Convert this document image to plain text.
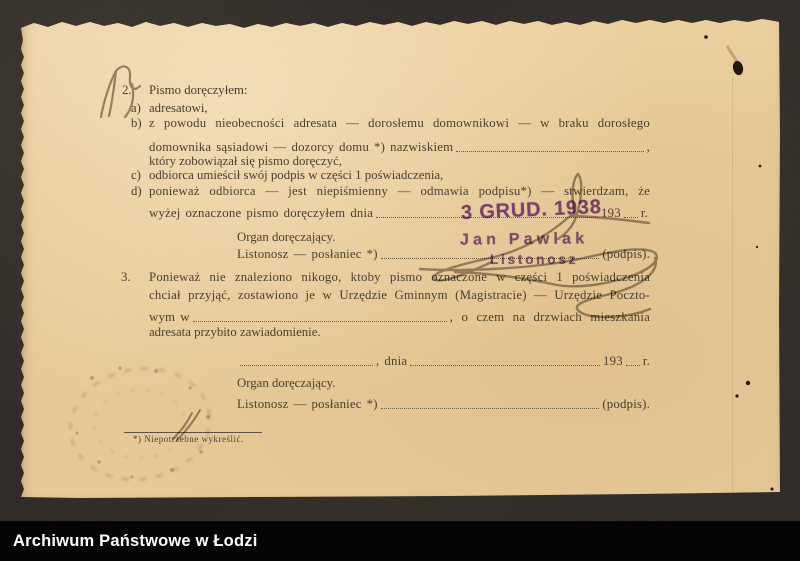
2. Pismo doręczyłem:
a) adresatowi,
b) z powodu nieobecności adresata — dorosłemu domownikowi — w braku dorosłego
domownika sąsiadowi — dozorcy domu *) nazwiskiem	,
który zobowiązał się pismo doręczyć,
c) odbiorca umieścił swój podpis w części 1 poświadczenia,
d) ponieważ odbiorca — jest niepiśmienny — odmawia podpisu*) — stwierdzam, że
wyżej oznaczone pismo doręczyłem dnia	193 r.
Organ doręczający.
Listonosz — posłaniec *)	(podpis).
3. Ponieważ nie znaleziono nikogo, ktoby pismo oznaczone w części 1 poświadczenia
chciał przyjąć, zostawiono je w Urzędzie Gminnym (Magistracie) — Urzędzie Poczto-
wym w	, o czem na drzwiach mieszkania
adresata przybito zawiadomienie.
, dnia	193 r.
Organ doręczający.
Listonosz — posłaniec *)	(podpis).
*) Niepotrzebne wykreślić.
3 GRUD. 1938
Jan Pawlak
Listonosz
Archiwum Państwowe w Łodzi
